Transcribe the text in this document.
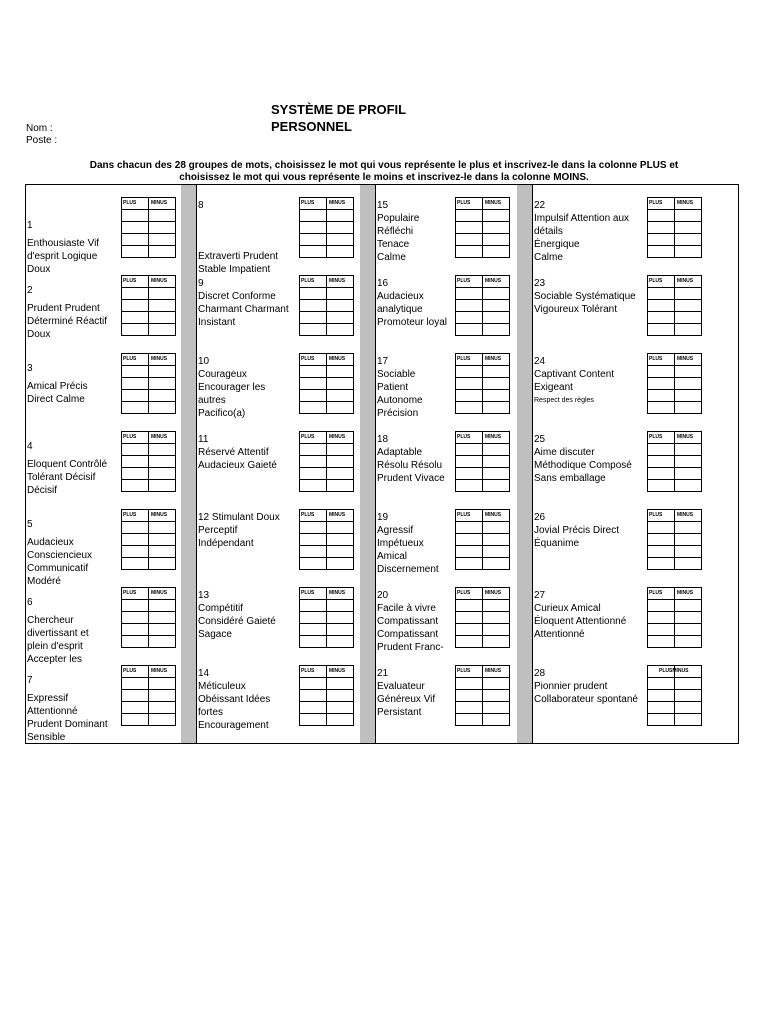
SYSTÈME DE PROFIL
PERSONNEL
Nom :
Poste :
Dans chacun des 28 groupes de mots, choisissez le mot qui vous représente le plus et inscrivez-le dans la colonne PLUS et
choisissez le mot qui vous représente le moins et inscrivez-le dans la colonne MOINS.
1
Enthousiaste Vif
d'esprit Logique
Doux
PLUS	MINUS

2
Prudent Prudent
Déterminé Réactif
Doux
PLUS	MINUS

3
Amical Précis
Direct Calme
PLUS	MINUS

4
Eloquent Contrôlé
Tolérant Décisif
Décisif
PLUS	MINUS

5
Audacieux
Consciencieux
Communicatif
Modéré
PLUS	MINUS

6
Chercheur
divertissant et
plein d'esprit
Accepter les
PLUS	MINUS

7
Expressif
Attentionné
Prudent Dominant
Sensible
PLUS	MINUS

8
Extraverti Prudent
Stable Impatient
PLUS	MINUS

9
Discret Conforme
Charmant Charmant
Insistant
PLUS	MINUS

10
Courageux
Encourager les
autres
Pacifico(a)
PLUS	MINUS

11
Réservé Attentif
Audacieux Gaieté
PLUS	MINUS

12 Stimulant Doux
Perceptif
Indépendant
PLUS	MINUS

13
Compétitif
Considéré Gaieté
Sagace
PLUS	MINUS

14
Méticuleux
Obéissant Idées
fortes
Encouragement
PLUS	MINUS

15
Populaire
Réfléchi
Tenace
Calme
PLUS	MINUS

16
Audacieux
analytique
Promoteur loyal
PLUS	MINUS

17
Sociable
Patient
Autonome
Précision
PLUS	MINUS

18
Adaptable
Résolu Résolu
Prudent Vivace
PLUS	MINUS

19
Agressif
Impétueux
Amical
Discernement
PLUS	MINUS

20
Facile à vivre
Compatissant
Compatissant
Prudent Franc-
PLUS	MINUS

21
Evaluateur
Généreux Vif
Persistant
PLUS	MINUS

22
Impulsif Attention aux
détails
Énergique
Calme
PLUS	MINUS

23
Sociable Systématique
Vigoureux Tolérant
PLUS	MINUS

24
Captivant Content
Exigeant
Respect des règles
PLUS	MINUS

25
Aime discuter
Méthodique Composé
Sans emballage
PLUS	MINUS

26
Jovial Précis Direct
Équanime
PLUS	MINUS

27
Curieux Amical
Éloquent Attentionné
Attentionné
PLUS	MINUS

28
Pionnier prudent
Collaborateur spontané
PLUSMINUS
